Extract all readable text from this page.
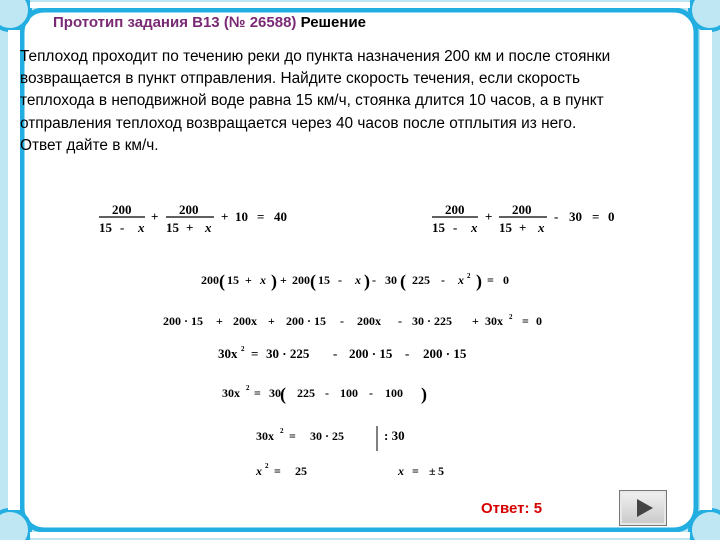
Прототип задания B13 (№ 26588) Решение
Теплоход проходит по течению реки до пункта назначения 200 км и после стоянки
возвращается в пункт отправления. Найдите скорость течения, если скорость
теплохода в неподвижной воде равна 15 км/ч, стоянка длится 10 часов, а в пункт
отправления теплоход возвращается через 40 часов после отплытия из него.
Ответ дайте в км/ч.
200
15 - x
+ 200
15 + x
+ 10 = 40	200
15 - x
+ 200
15 + x
- 30 = 0
200 ( 15 + x ) + 200 ( 15 - x ) - 30 ( 225 - x 2 ) = 0
200 · 15 + 200x + 200 · 15 - 200x - 30 · 225 + 30x 2 = 0
30x 2 = 30 · 225 - 200 · 15 - 200 · 15
30x 2 = 30 ( 225 - 100 - 100 )
30x 2 = 30 · 25	: 30
x 2 = 25	x = ± 5
Ответ: 5
